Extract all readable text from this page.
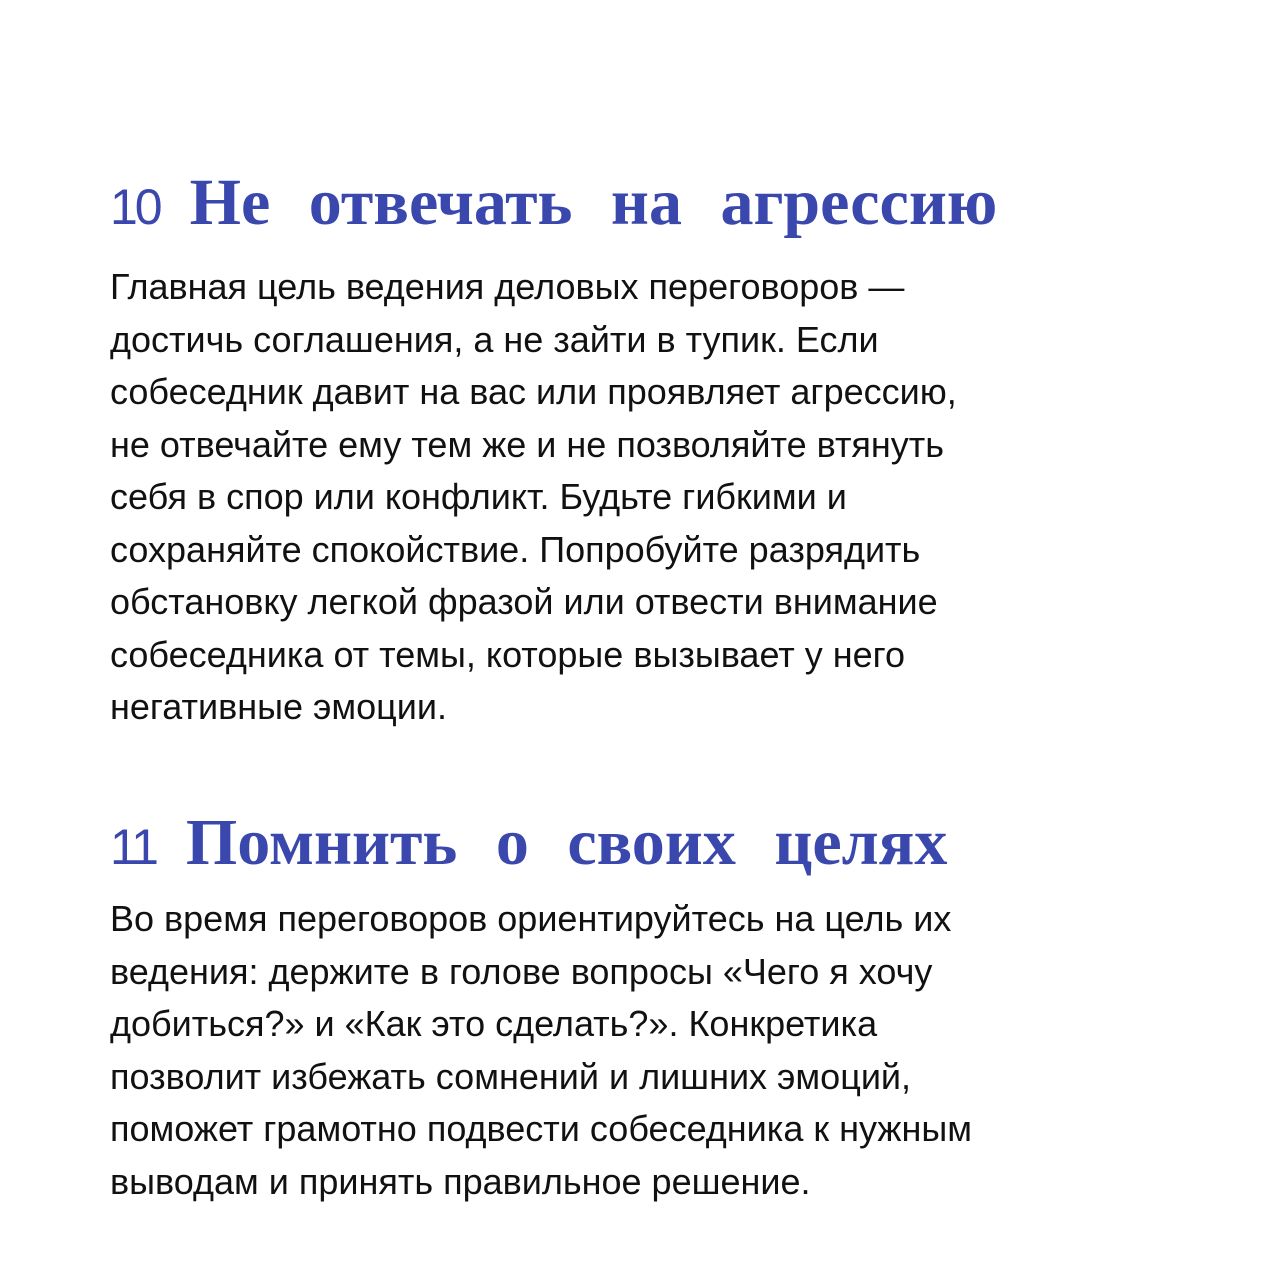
10 Не отвечать на агрессию
Главная цель ведения деловых переговоров —
достичь соглашения, а не зайти в тупик. Если
собеседник давит на вас или проявляет агрессию,
не отвечайте ему тем же и не позволяйте втянуть
себя в спор или конфликт. Будьте гибкими и
сохраняйте спокойствие. Попробуйте разрядить
обстановку легкой фразой или отвести внимание
собеседника от темы, которые вызывает у него
негативные эмоции.
11 Помнить о своих целях
Во время переговоров ориентируйтесь на цель их
ведения: держите в голове вопросы «Чего я хочу
добиться?» и «Как это сделать?». Конкретика
позволит избежать сомнений и лишних эмоций,
поможет грамотно подвести собеседника к нужным
выводам и принять правильное решение.
